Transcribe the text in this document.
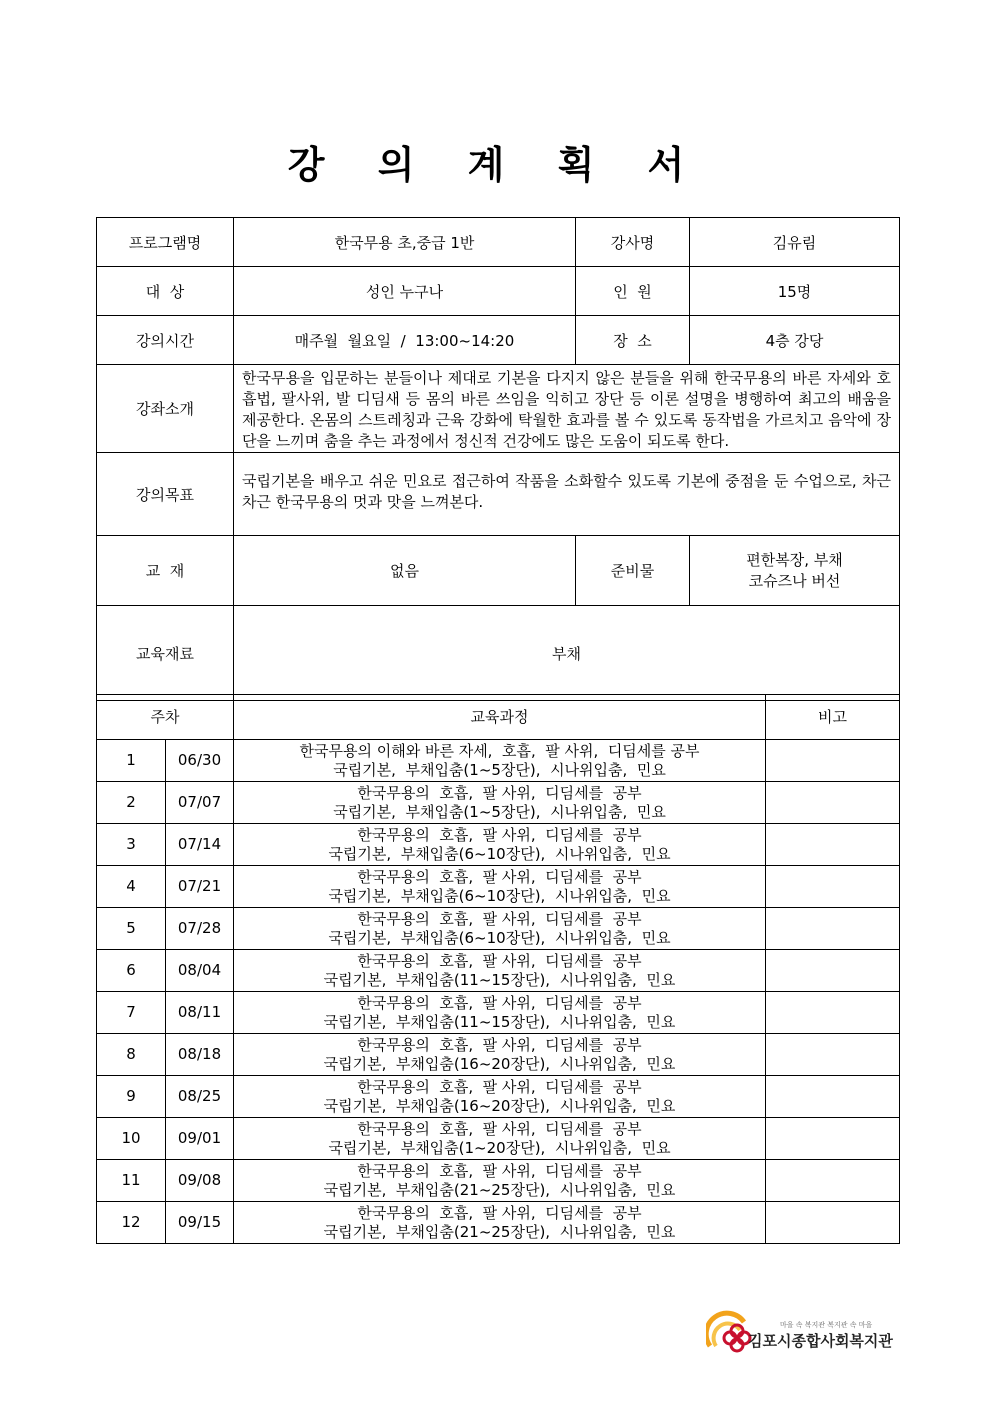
강 의 계 획 서
프로그램명	한국무용 초,중급 1반	강사명	김유림
대  상	성인 누구나	인  원	15명
강의시간	매주월  월요일  /  13:00~14:20	장  소	4층 강당
강좌소개	한국무용을 입문하는 분들이나 제대로 기본을 다지지 않은 분들을 위해 한국무용의 바른 자세와 호흡법, 팔사위, 발 디딤새 등 몸의 바른 쓰임을 익히고 장단 등 이론 설명을 병행하여 최고의 배움을 제공한다. 온몸의 스트레칭과 근육 강화에 탁월한 효과를 볼 수 있도록 동작법을 가르치고 음악에 장단을 느끼며 춤을 추는 과정에서 정신적 건강에도 많은 도움이 되도록 한다.		
강의목표	국립기본을 배우고 쉬운 민요로 접근하여 작품을 소화할수 있도록 기본에 중점을 둔 수업으로, 차근차근 한국무용의 멋과 맛을 느껴본다.		
교  재	없음	준비물	편한복장, 부채
코슈즈나 버선

교육재료	부채		
주차		교육과정	비고
1	06/30	한국무용의 이해와 바른 자세,  호흡,  팔 사위,  디딤세를 공부
국립기본,  부채입춤(1~5장단),  시나위입춤,  민요	

2	07/07	한국무용의  호흡,  팔 사위,  디딤세를  공부
국립기본,  부채입춤(1~5장단),  시나위입춤,  민요	

3	07/14	한국무용의  호흡,  팔 사위,  디딤세를  공부
국립기본,  부채입춤(6~10장단),  시나위입춤,  민요	

4	07/21	한국무용의  호흡,  팔 사위,  디딤세를  공부
국립기본,  부채입춤(6~10장단),  시나위입춤,  민요	

5	07/28	한국무용의  호흡,  팔 사위,  디딤세를  공부
국립기본,  부채입춤(6~10장단),  시나위입춤,  민요	

6	08/04	한국무용의  호흡,  팔 사위,  디딤세를  공부
국립기본,  부채입춤(11~15장단),  시나위입춤,  민요	

7	08/11	한국무용의  호흡,  팔 사위,  디딤세를  공부
국립기본,  부채입춤(11~15장단),  시나위입춤,  민요	

8	08/18	한국무용의  호흡,  팔 사위,  디딤세를  공부
국립기본,  부채입춤(16~20장단),  시나위입춤,  민요	

9	08/25	한국무용의  호흡,  팔 사위,  디딤세를  공부
국립기본,  부채입춤(16~20장단),  시나위입춤,  민요	

10	09/01	한국무용의  호흡,  팔 사위,  디딤세를  공부
국립기본,  부채입춤(1~20장단),  시나위입춤,  민요	

11	09/08	한국무용의  호흡,  팔 사위,  디딤세를  공부
국립기본,  부채입춤(21~25장단),  시나위입춤,  민요	

12	09/15	한국무용의  호흡,  팔 사위,  디딤세를  공부
국립기본,  부채입춤(21~25장단),  시나위입춤,  민요	

마을 속 복지관 복지관 속 마을
김포시종합사회복지관
